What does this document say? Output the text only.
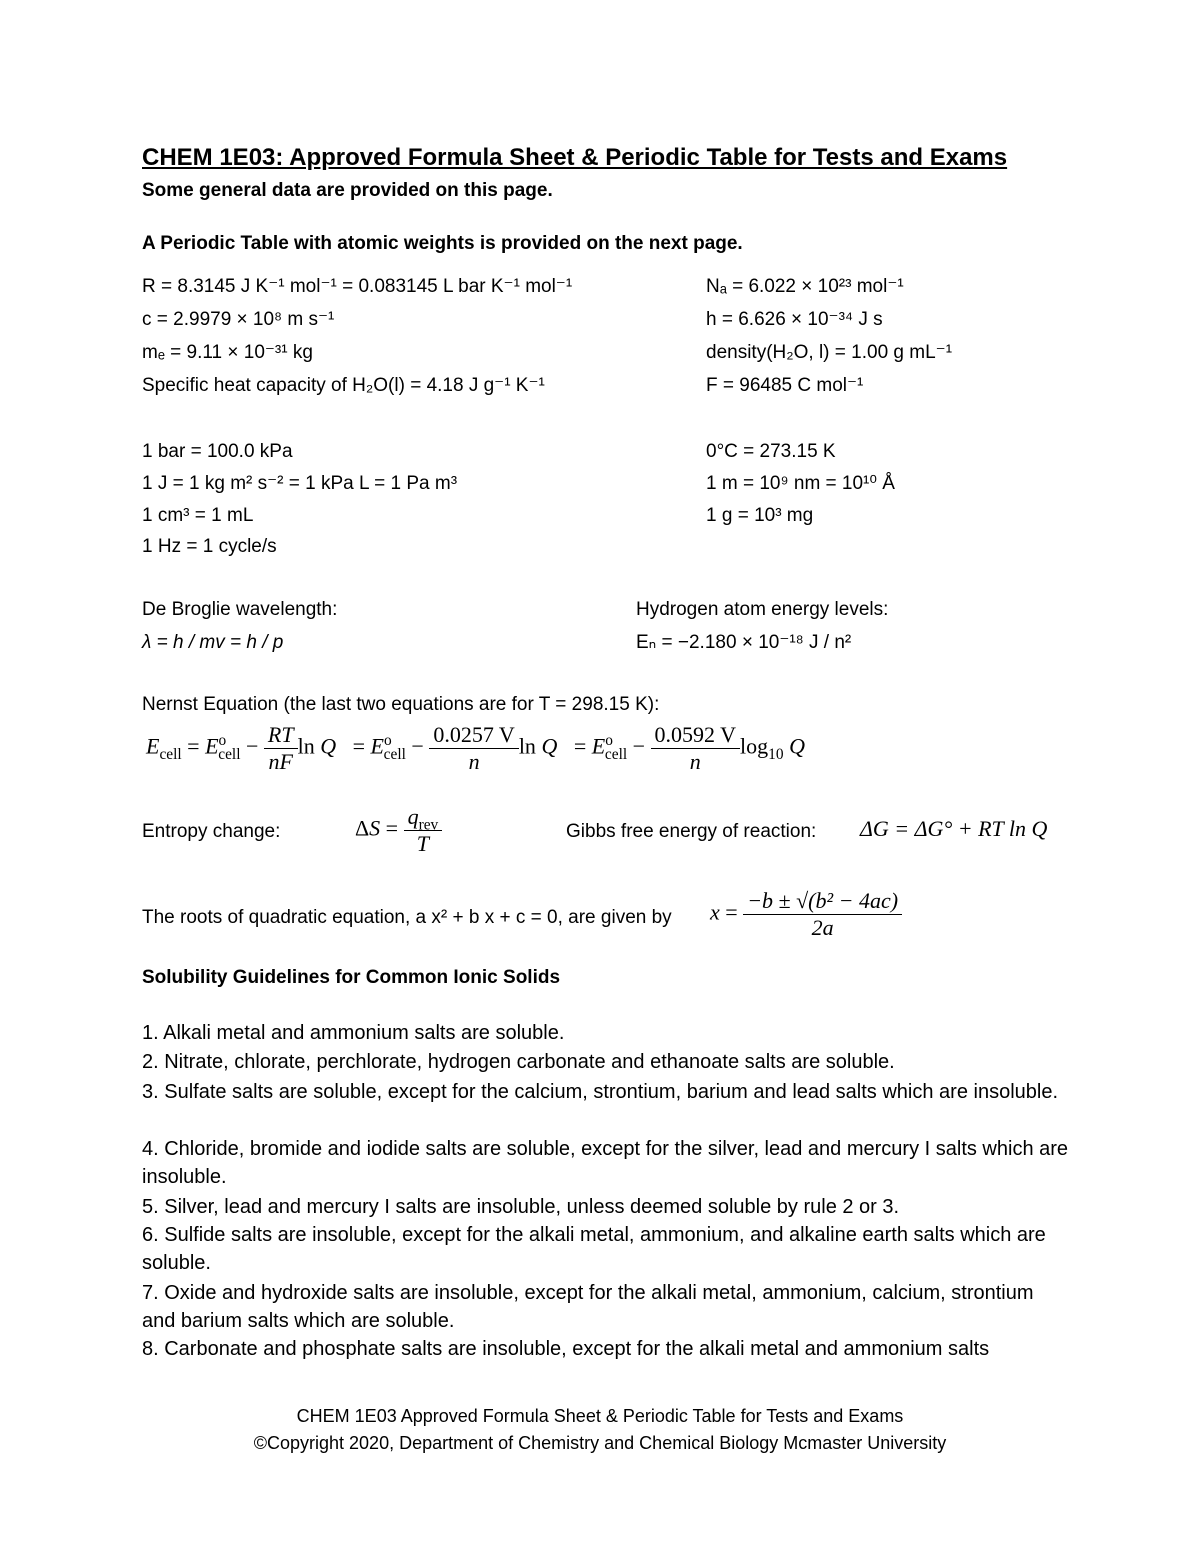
CHEM 1E03: Approved Formula Sheet & Periodic Table for Tests and Exams
Some general data are provided on this page.
A Periodic Table with atomic weights is provided on the next page.
R = 8.3145 J K⁻¹ mol⁻¹ = 0.083145 L bar K⁻¹ mol⁻¹
c = 2.9979 × 10⁸ m s⁻¹
mₑ = 9.11 × 10⁻³¹ kg
Specific heat capacity of H₂O(l) = 4.18 J g⁻¹ K⁻¹
Nₐ = 6.022 × 10²³ mol⁻¹
h = 6.626 × 10⁻³⁴ J s
density(H₂O, l) = 1.00 g mL⁻¹
F = 96485 C mol⁻¹
1 bar = 100.0 kPa
1 J = 1 kg m² s⁻² = 1 kPa L = 1 Pa m³
1 cm³ = 1 mL
1 Hz = 1 cycle/s
0°C = 273.15 K
1 m = 10⁹ nm = 10¹⁰ Å
1 g = 10³ mg
De Broglie wavelength:
λ = h / mv = h / p
Hydrogen atom energy levels:
Eₙ = −2.180 × 10⁻¹⁸ J / n²
Nernst Equation (the last two equations are for T = 298.15 K):
$E_{cell} = E^o_{cell} - \frac{RT}{nF}$ $\ln Q = E^o_{cell} - \frac{0.0257 V}{n}$ $\ln Q = E^o_{cell} - \frac{0.0592 V}{n} \log_{10} Q$
Entropy change:	$\Delta S = \frac{q_{rev}}{T}$	Gibbs free energy of reaction: ΔG = ΔG° + RT ln Q
The roots of quadratic equation, a x² + b x + c = 0, are given by $x = \frac{\text{−b ± √(b² − 4ac)}}{2a}$
Solubility Guidelines for Common Ionic Solids
1. Alkali metal and ammonium salts are soluble.
2. Nitrate, chlorate, perchlorate, hydrogen carbonate and ethanoate salts are soluble.
3. Sulfate salts are soluble, except for the calcium, strontium, barium and lead salts which are insoluble.
4. Chloride, bromide and iodide salts are soluble, except for the silver, lead and mercury I salts which are insoluble.
5. Silver, lead and mercury I salts are insoluble, unless deemed soluble by rule 2 or 3.
6. Sulfide salts are insoluble, except for the alkali metal, ammonium, and alkaline earth salts which are soluble.
7. Oxide and hydroxide salts are insoluble, except for the alkali metal, ammonium, calcium, strontium and barium salts which are soluble.
8. Carbonate and phosphate salts are insoluble, except for the alkali metal and ammonium salts
CHEM 1E03 Approved Formula Sheet & Periodic Table for Tests and Exams
©Copyright 2020, Department of Chemistry and Chemical Biology Mcmaster University
